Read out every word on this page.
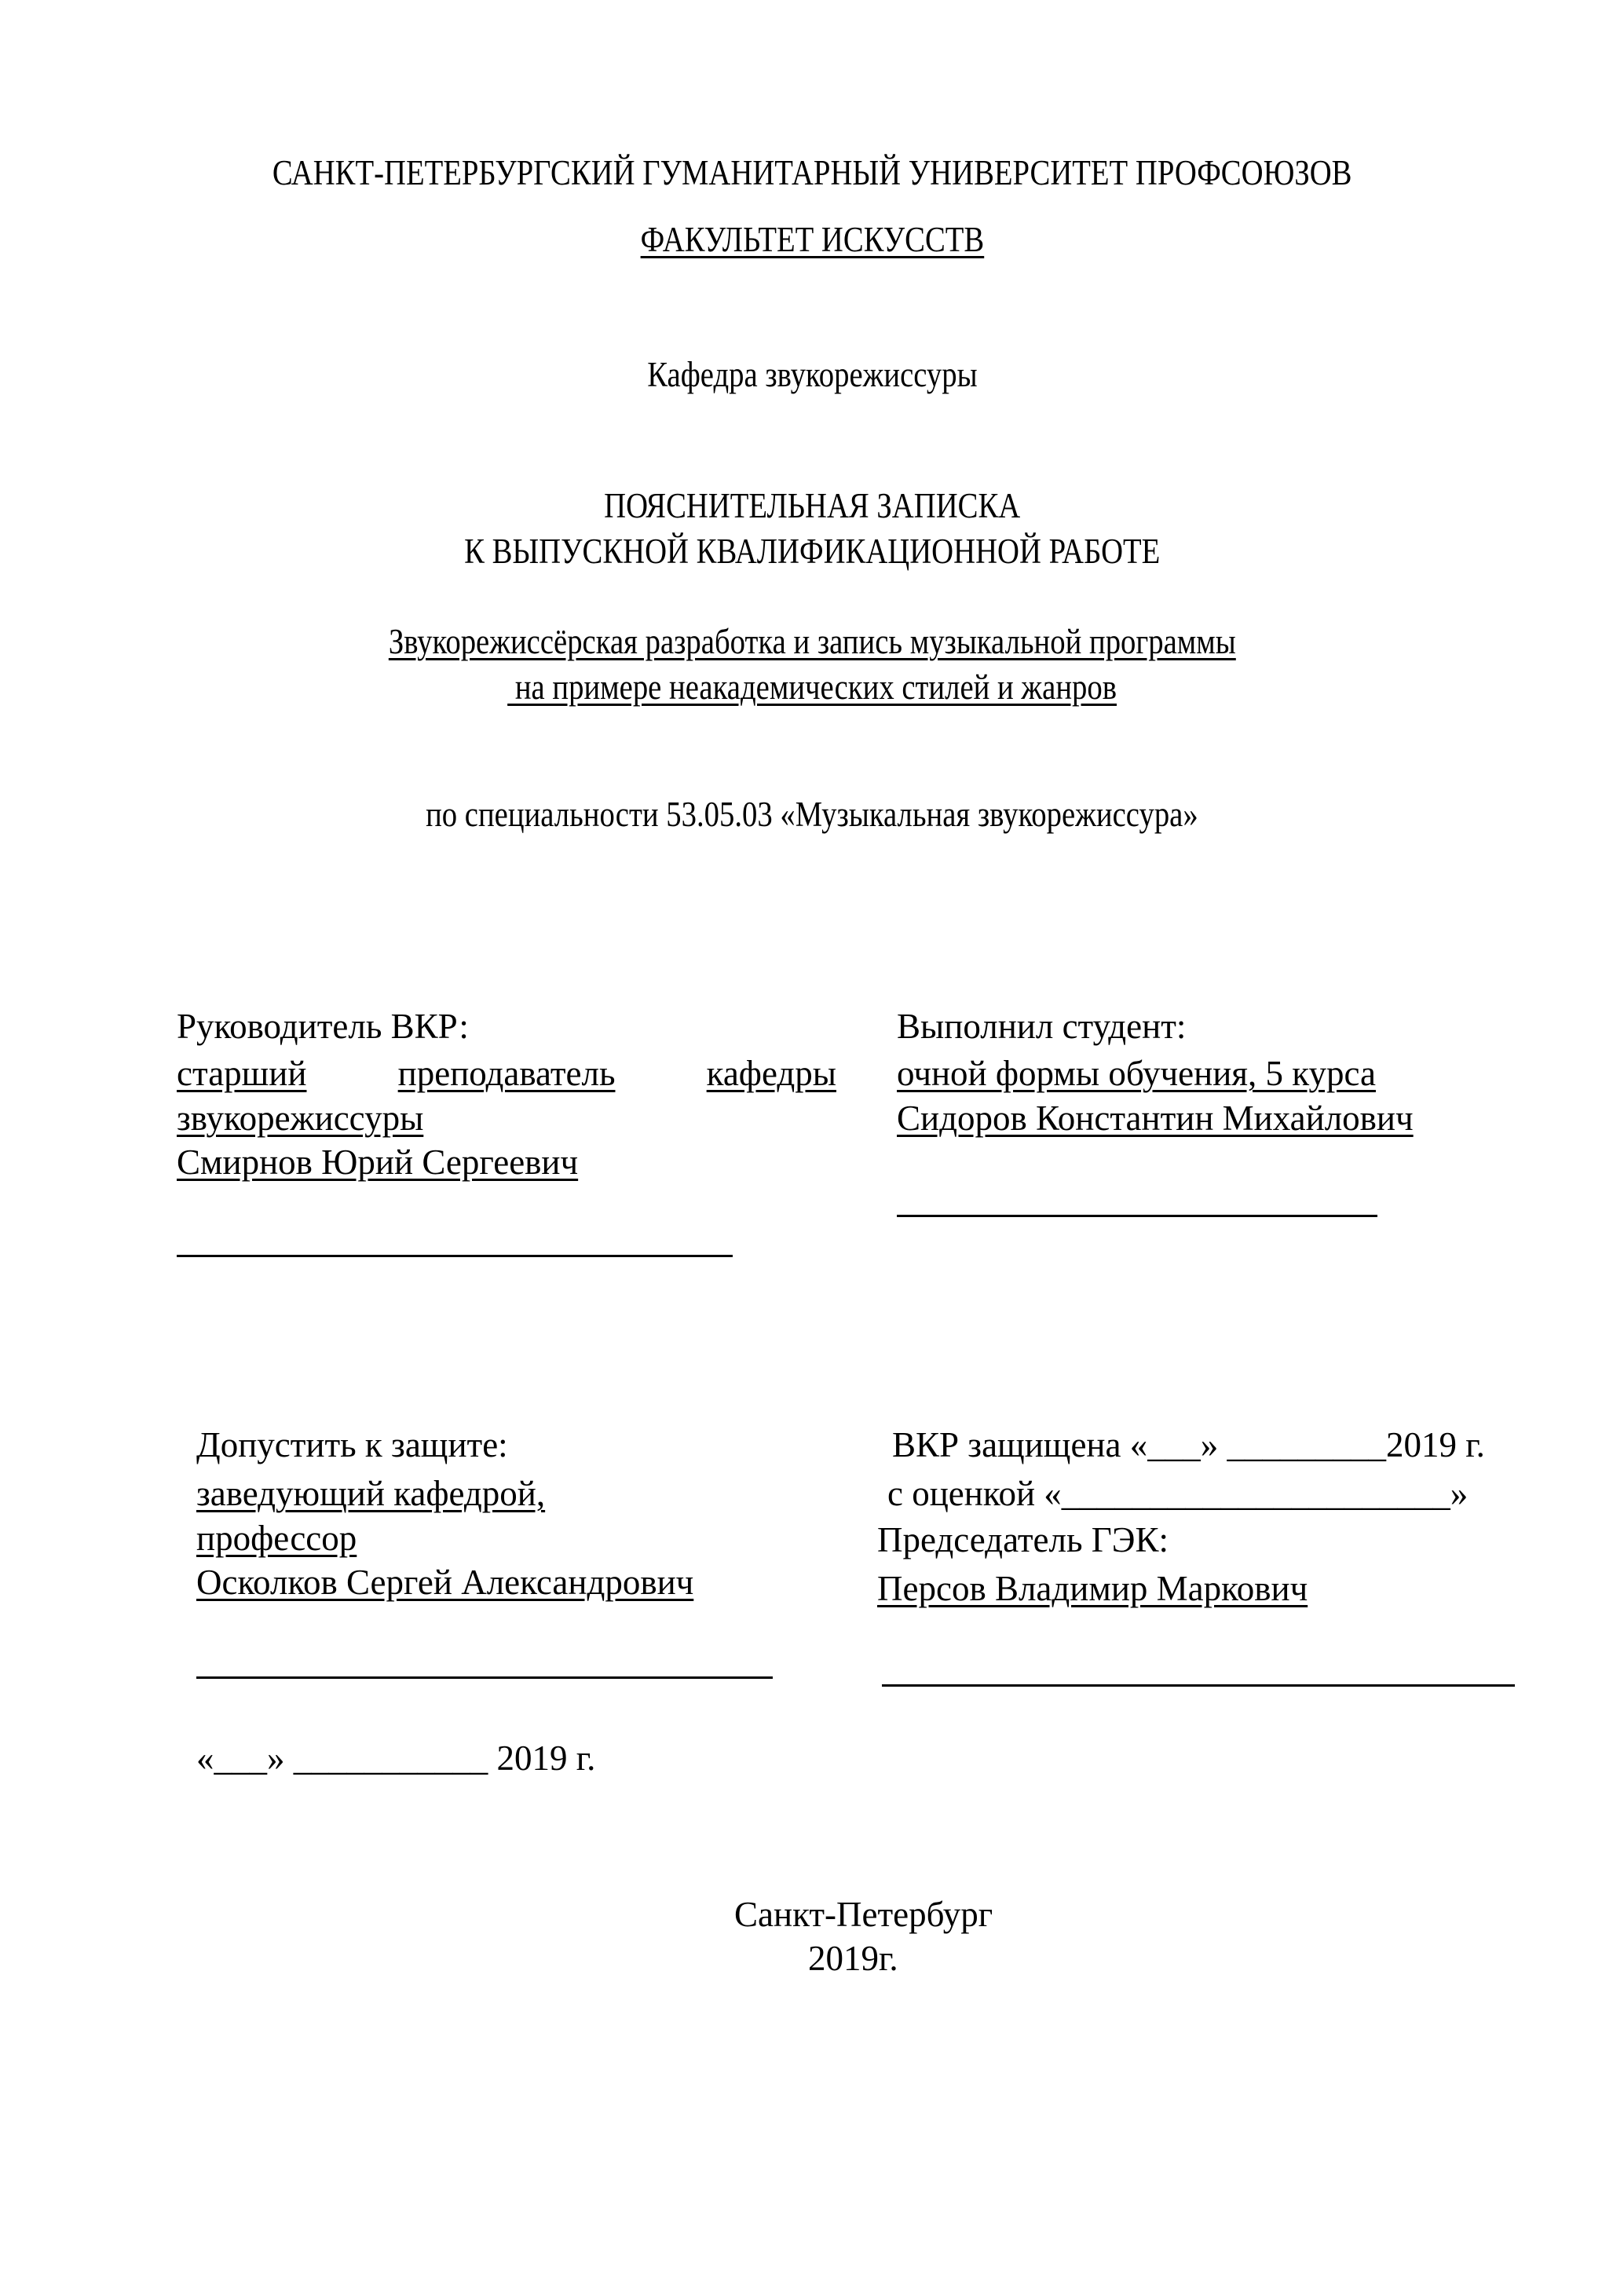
САНКТ-ПЕТЕРБУРГСКИЙ ГУМАНИТАРНЫЙ УНИВЕРСИТЕТ ПРОФСОЮЗОВ
ФАКУЛЬТЕТ ИСКУССТВ
Кафедра звукорежиссуры
ПОЯСНИТЕЛЬНАЯ ЗАПИСКА
К ВЫПУСКНОЙ КВАЛИФИКАЦИОННОЙ РАБОТЕ
Звукорежиссёрская разработка и запись музыкальной программы
на примере неакадемических стилей и жанров
по специальности 53.05.03 «Музыкальная звукорежиссура»
Руководитель ВКР:
старший	преподаватель	кафедры
звукорежиссуры
Смирнов Юрий Сергеевич
Выполнил студент:
очной формы обучения, 5 курса
Сидоров Константин Михайлович
Допустить к защите:
заведующий кафедрой,
профессор
Осколков Сергей Александрович
«___» ___________ 2019 г.
ВКР защищена «___» _________2019 г.
с оценкой «______________________»
Председатель ГЭК:
Персов Владимир Маркович
Санкт-Петербург
2019г.
